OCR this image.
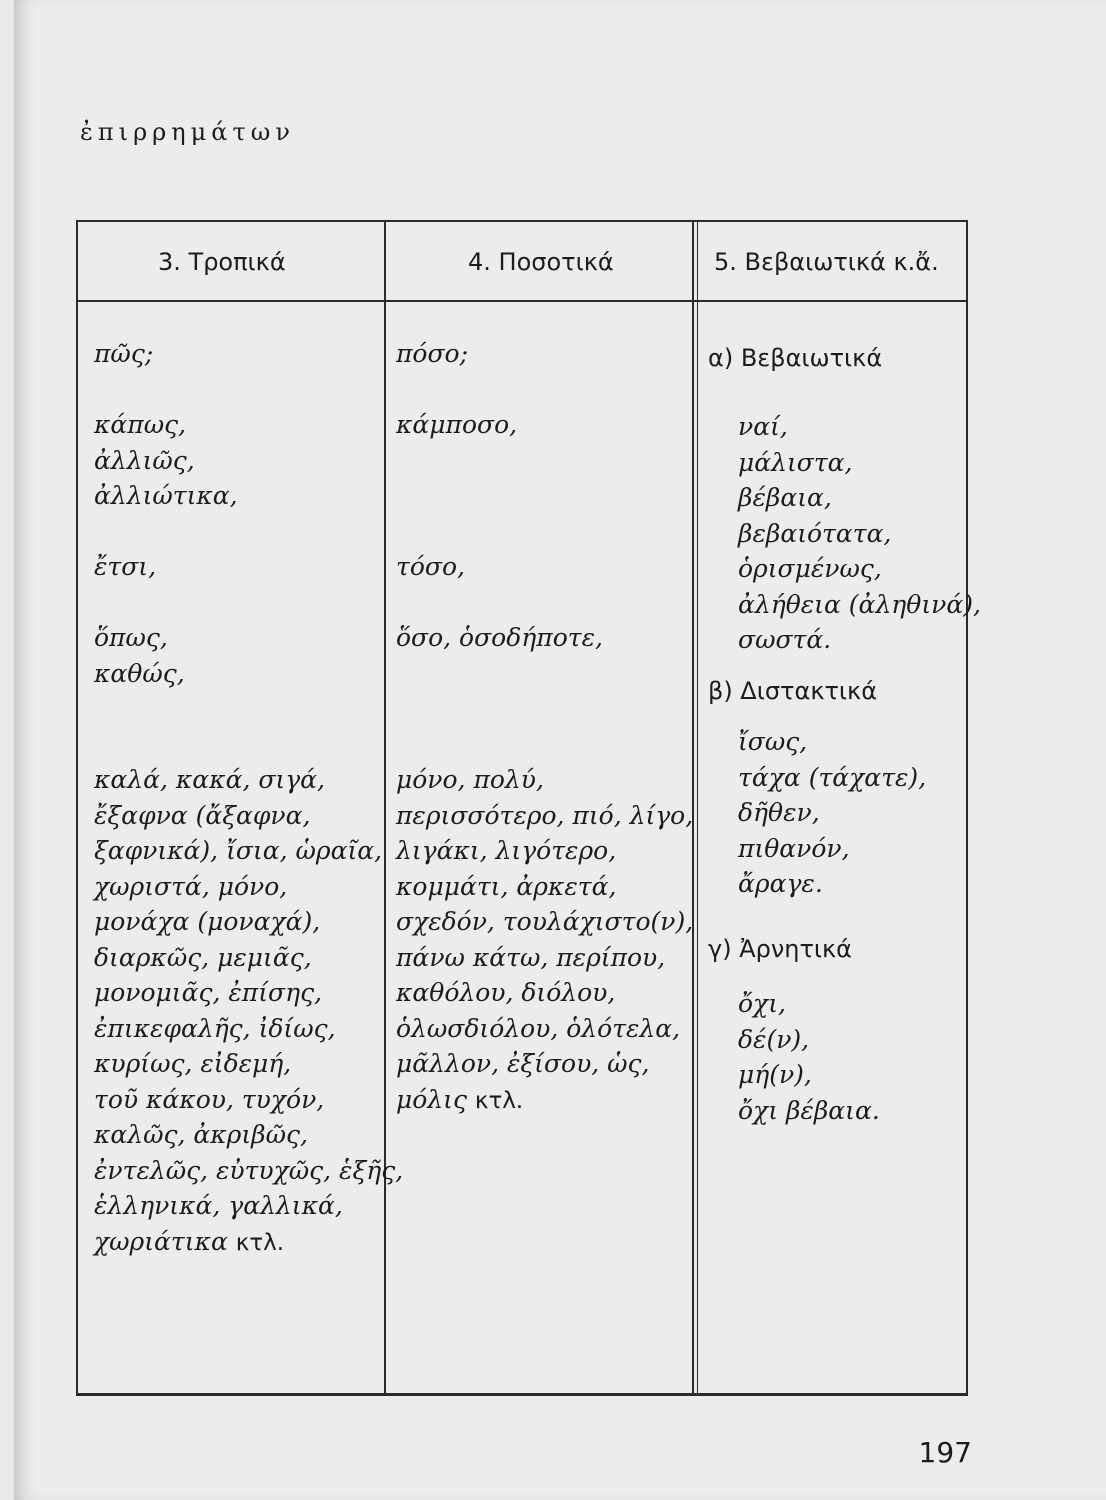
ἐπιρρημάτων
3. Τροπικά	4. Ποσοτικά	5. Βεβαιωτικά κ.ἄ.
πῶς;
κάπως,
ἀλλιῶς,
ἀλλιώτικα,
ἔτσι,
ὅπως,
καθώς,
καλά, κακά, σιγά,
ἔξαφνα (ἄξαφνα,
ξαφνικά), ἴσια, ὡραῖα,
χωριστά, μόνο,
μονάχα (μοναχά),
διαρκῶς, μεμιᾶς,
μονομιᾶς, ἐπίσης,
ἐπικεφαλῆς, ἰδίως,
κυρίως, εἰδεμή,
τοῦ κάκου, τυχόν,
καλῶς, ἀκριβῶς,
ἐντελῶς, εὐτυχῶς, ἑξῆς,
ἑλληνικά, γαλλικά,
χωριάτικα κτλ.
πόσο;
κάμποσο,
τόσο,
ὅσο, ὁσοδήποτε,
μόνο, πολύ,
περισσότερο, πιό, λίγο,
λιγάκι, λιγότερο,
κομμάτι, ἀρκετά,
σχεδόν, τουλάχιστο(ν),
πάνω κάτω, περίπου,
καθόλου, διόλου,
ὁλωσδιόλου, ὁλότελα,
μᾶλλον, ἐξίσου, ὡς,
μόλις κτλ.
α) Βεβαιωτικά
ναί,
μάλιστα,
βέβαια,
βεβαιότατα,
ὁρισμένως,
ἀλήθεια (ἀληθινά),
σωστά.
β) Διστακτικά
ἴσως,
τάχα (τάχατε),
δῆθεν,
πιθανόν,
ἄραγε.
γ) Ἀρνητικά
ὄχι,
δέ(ν),
μή(ν),
ὄχι βέβαια.
197
